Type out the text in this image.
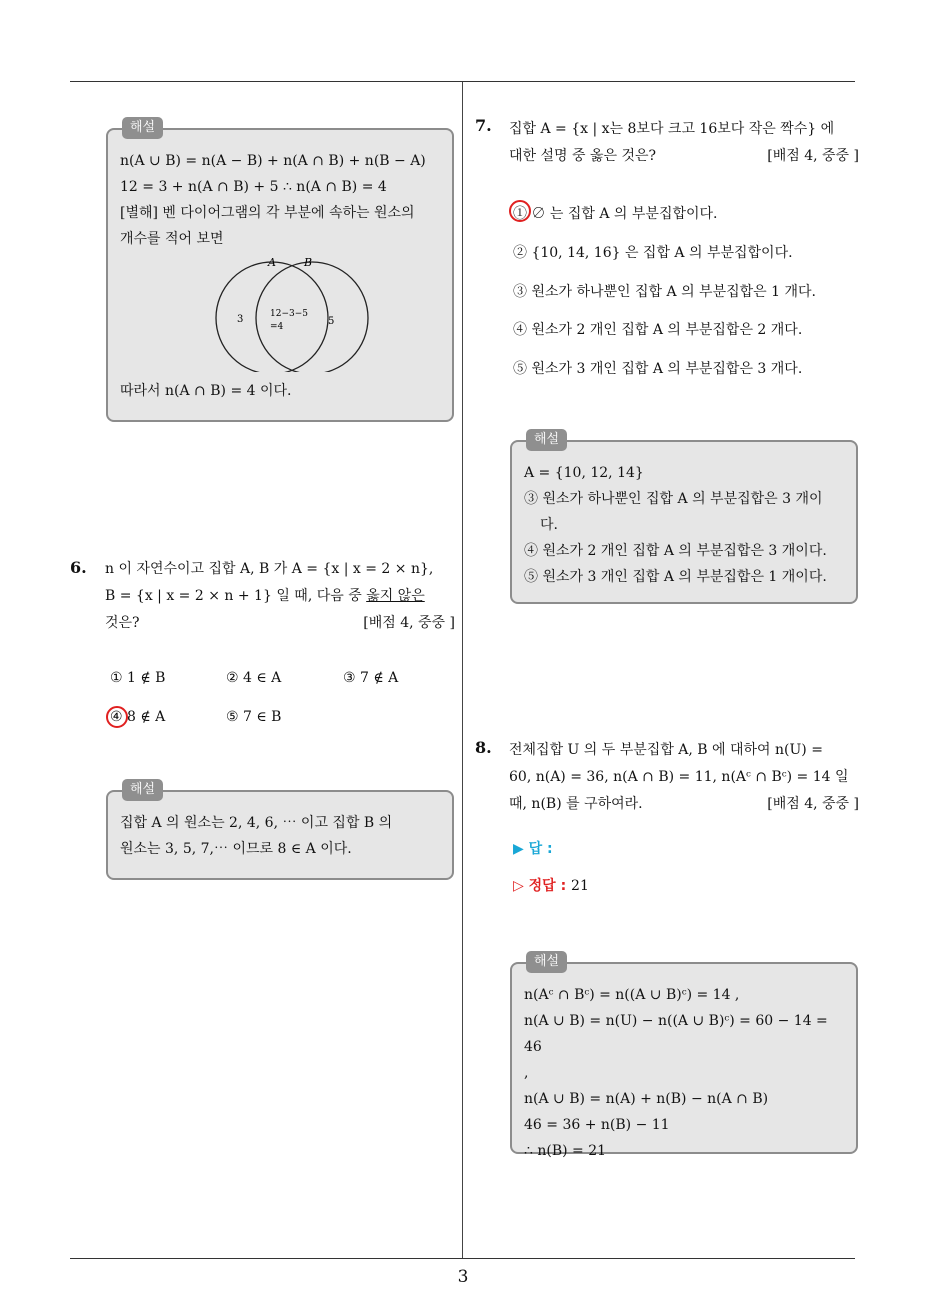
해설

n(A ∪ B) = n(A − B) + n(A ∩ B) + n(B − A)

12 = 3 + n(A ∩ B) + 5 ∴ n(A ∩ B) = 4

[별해] 벤 다이어그램의 각 부분에 속하는 원소의

개수를 적어 보면

A	B
3	12−3−5
=4	5

따라서 n(A ∩ B) = 4 이다.

6. n 이 자연수이고 집합 A, B 가 A = {x | x = 2 × n},

B = {x | x = 2 × n + 1} 일 때, 다음 중 옳지 않은

것은?	[배점 4, 중중 ]

① 1 ∉ B	② 4 ∈ A	③ 7 ∉ A
④ 8 ∉ A	⑤ 7 ∈ B
해설

집합 A 의 원소는 2, 4, 6, ⋯ 이고 집합 B 의

원소는 3, 5, 7,⋯ 이므로 8 ∈ A 이다.

7. 집합 A = {x | x는 8보다 크고 16보다 작은 짝수} 에

대한 설명 중 옳은 것은?	[배점 4, 중중 ]

① ∅ 는 집합 A 의 부분집합이다.
② {10, 14, 16} 은 집합 A 의 부분집합이다.
③ 원소가 하나뿐인 집합 A 의 부분집합은 1 개다.
④ 원소가 2 개인 집합 A 의 부분집합은 2 개다.
⑤ 원소가 3 개인 집합 A 의 부분집합은 3 개다.
해설

A = {10, 12, 14}

③ 원소가 하나뿐인 집합 A 의 부분집합은 3 개이

다.

④ 원소가 2 개인 집합 A 의 부분집합은 3 개이다.

⑤ 원소가 3 개인 집합 A 의 부분집합은 1 개이다.

8. 전체집합 U 의 두 부분집합 A, B 에 대하여 n(U) =

60, n(A) = 36, n(A ∩ B) = 11, n(Aᶜ ∩ Bᶜ) = 14 일

때, n(B) 를 구하여라.	[배점 4, 중중 ]

▶ 답 :
▷ 정답 : 21
해설

n(Aᶜ ∩ Bᶜ) = n((A ∪ B)ᶜ) = 14 ,

n(A ∪ B) = n(U) − n((A ∪ B)ᶜ) = 60 − 14 = 46

,

n(A ∪ B) = n(A) + n(B) − n(A ∩ B)

46 = 36 + n(B) − 11

∴ n(B) = 21

3
